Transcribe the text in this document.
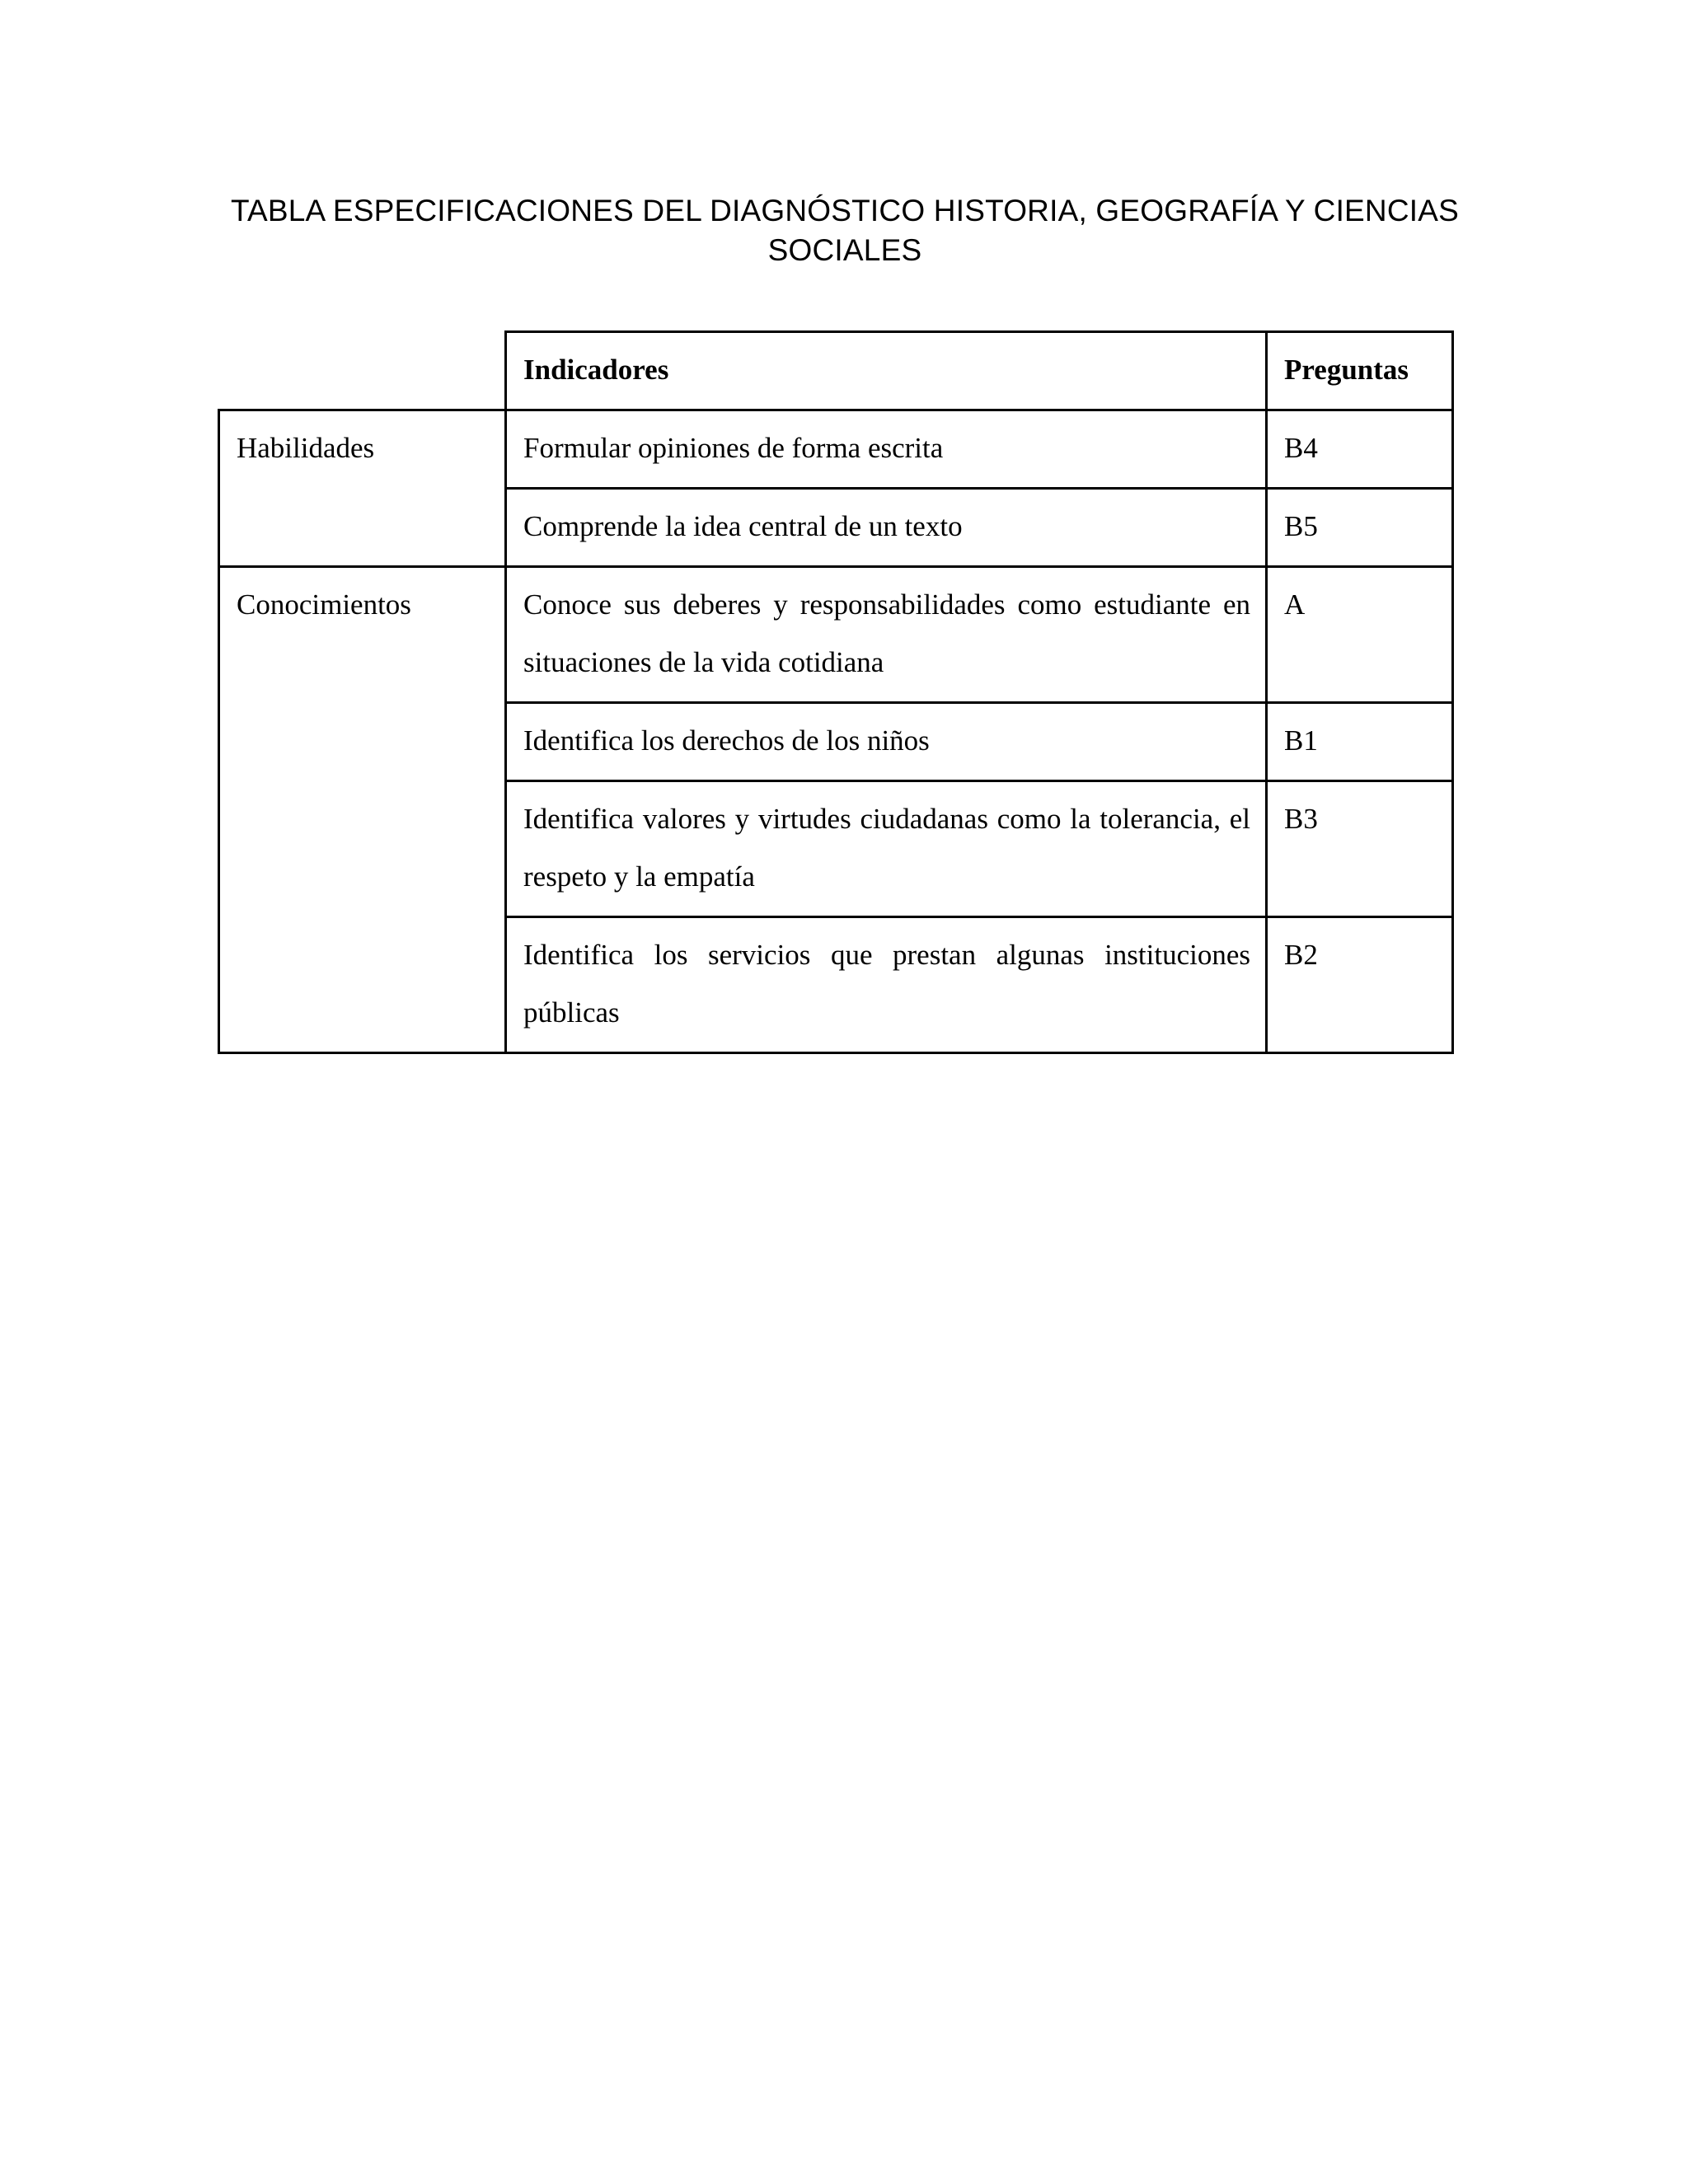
TABLA ESPECIFICACIONES DEL DIAGNÓSTICO HISTORIA, GEOGRAFÍA Y CIENCIAS
SOCIALES
	Indicadores	Preguntas
Habilidades	Formular opiniones de forma escrita	B4
	Comprende la idea central de un texto	B5
Conocimientos	Conoce sus deberes y responsabilidades como estudiante en situaciones de la vida cotidiana	A
	Identifica los derechos de los niños	B1
	Identifica valores y virtudes ciudadanas como la tolerancia, el respeto y la empatía	B3
	Identifica los servicios que prestan algunas instituciones públicas	B2
